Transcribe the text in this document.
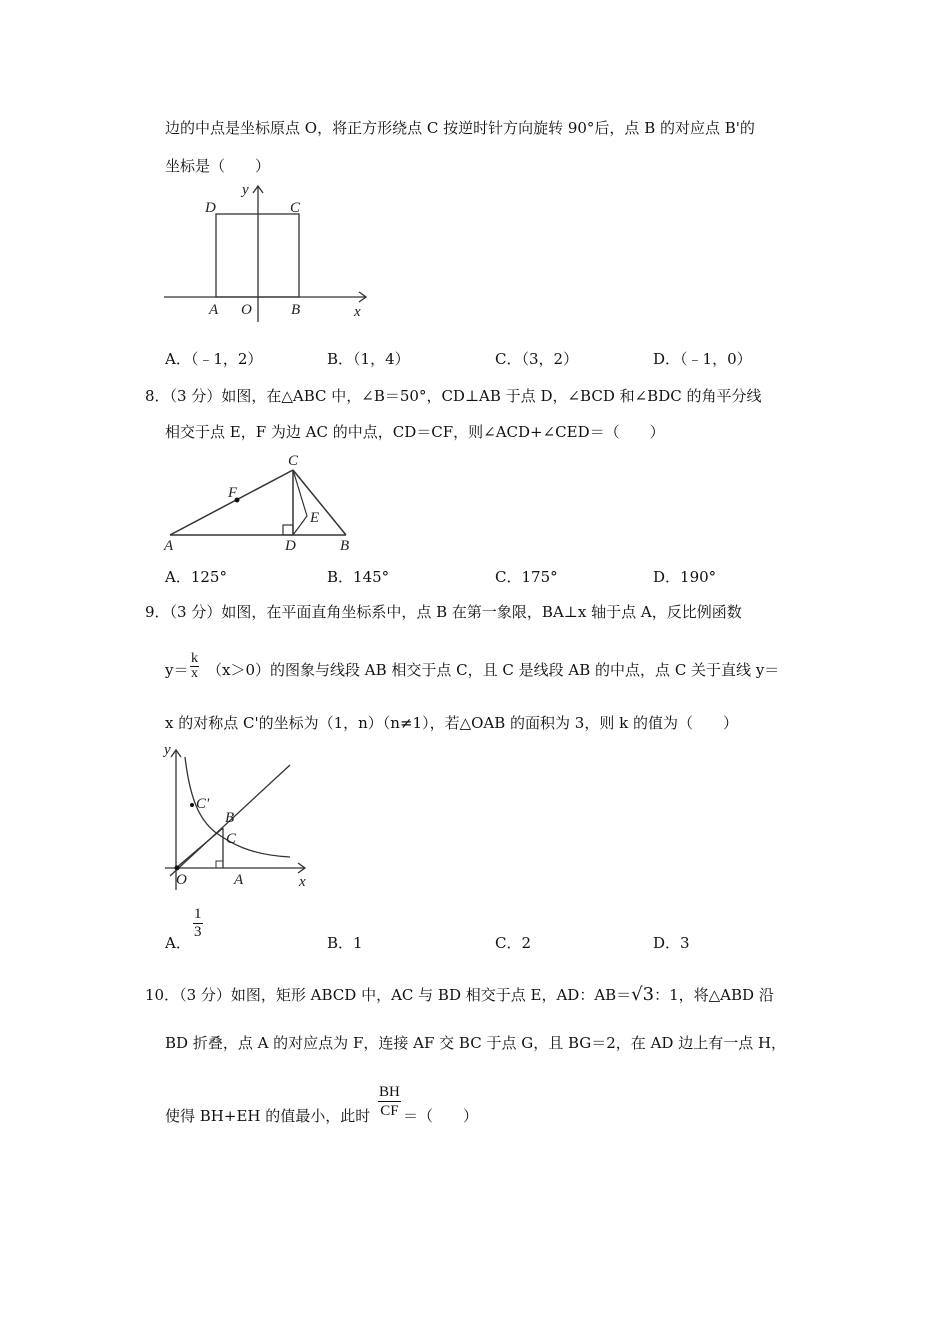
边的中点是坐标原点 O，将正方形绕点 C 按逆时针方向旋转 90°后，点 B 的对应点 B'的
坐标是（　　）
D	C
A O	B	x
y
C
F
E
A	D	B
y
C'
B
C
O	A	x
A．（﹣1，2）	B．（1，4）	C．（3，2）	D．（﹣1，0）
8．（3 分）如图，在△ABC 中，∠B＝50°，CD⊥AB 于点 D，∠BCD 和∠BDC 的角平分线
相交于点 E，F 为边 AC 的中点，CD＝CF，则∠ACD+∠CED＝（　　）
A．125°	B．145°	C．175°	D．190°
9．（3 分）如图，在平面直角坐标系中，点 B 在第一象限，BA⊥x 轴于点 A，反比例函数
$y= \frac{k}{x} (x>0)$的图象与线段 AB 相交于点 C，且 C 是线段 AB 的中点，点 C 关于直线 y＝
x 的对称点 C'的坐标为（1，n）（n≠1），若△OAB 的面积为 3，则 k 的值为（　　）
A．
$\frac{1}{3}$
B．1	C．2	D．3
10．（3 分）如图，矩形 ABCD 中，AC 与 BD 相交于点 E，AD：AB＝√3：1，将△ABD 沿
BD 折叠，点 A 的对应点为 F，连接 AF 交 BC 于点 G，且 BG＝2，在 AD 边上有一点 H，
使得 BH+EH 的值最小，此时 $\frac{BH}{CF}$ ＝（　　）
